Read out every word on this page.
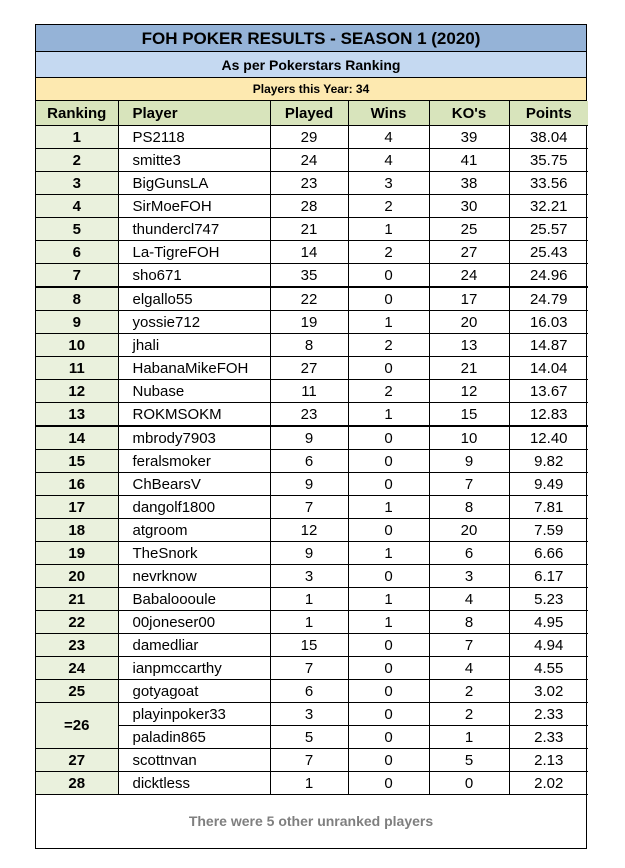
FOH POKER RESULTS - SEASON 1 (2020)
As per Pokerstars Ranking
Players this Year: 34
Ranking	Player	Played	Wins	KO's	Points
1	PS2118	29	4	39	38.04
2	smitte3	24	4	41	35.75
3	BigGunsLA	23	3	38	33.56
4	SirMoeFOH	28	2	30	32.21
5	thundercl747	21	1	25	25.57
6	La-TigreFOH	14	2	27	25.43
7	sho671	35	0	24	24.96
8	elgallo55	22	0	17	24.79
9	yossie712	19	1	20	16.03
10	jhali	8	2	13	14.87
11	HabanaMikeFOH	27	0	21	14.04
12	Nubase	11	2	12	13.67
13	ROKMSOKM	23	1	15	12.83
14	mbrody7903	9	0	10	12.40
15	feralsmoker	6	0	9	9.82
16	ChBearsV	9	0	7	9.49
17	dangolf1800	7	1	8	7.81
18	atgroom	12	0	20	7.59
19	TheSnork	9	1	6	6.66
20	nevrknow	3	0	3	6.17
21	Babaloooule	1	1	4	5.23
22	00joneser00	1	1	8	4.95
23	damedliar	15	0	7	4.94
24	ianpmccarthy	7	0	4	4.55
25	gotyagoat	6	0	2	3.02
=26	playinpoker33	3	0	2	2.33
	paladin865	5	0	1	2.33
27	scottnvan	7	0	5	2.13
28	dicktless	1	0	0	2.02
There were 5 other unranked players
